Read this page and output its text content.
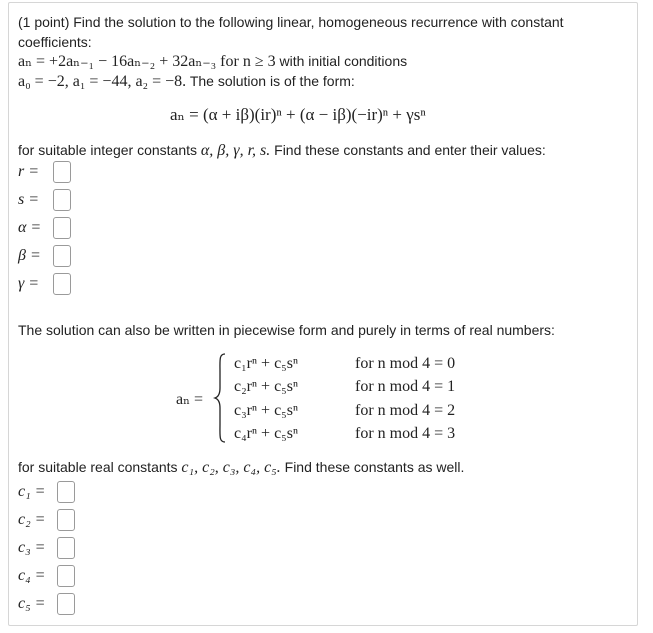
(1 point) Find the solution to the following linear, homogeneous recurrence with constant
coefficients:
aₙ = +2aₙ₋₁ − 16aₙ₋₂ + 32aₙ₋₃ for n ≥ 3 with initial conditions
a₀ = −2, a₁ = −44, a₂ = −8. The solution is of the form:
aₙ = (α + iβ)(ir)ⁿ + (α − iβ)(−ir)ⁿ + γsⁿ
for suitable integer constants α, β, γ, r, s. Find these constants and enter their values:
r =
s =
α =
β =
γ =
The solution can also be written in piecewise form and purely in terms of real numbers:
aₙ =
c₁rⁿ + c₅sⁿ	for n mod 4 = 0
c₂rⁿ + c₅sⁿ	for n mod 4 = 1
c₃rⁿ + c₅sⁿ	for n mod 4 = 2
c₄rⁿ + c₅sⁿ	for n mod 4 = 3
for suitable real constants c₁, c₂, c₃, c₄, c₅. Find these constants as well.
c₁ =
c₂ =
c₃ =
c₄ =
c₅ =
